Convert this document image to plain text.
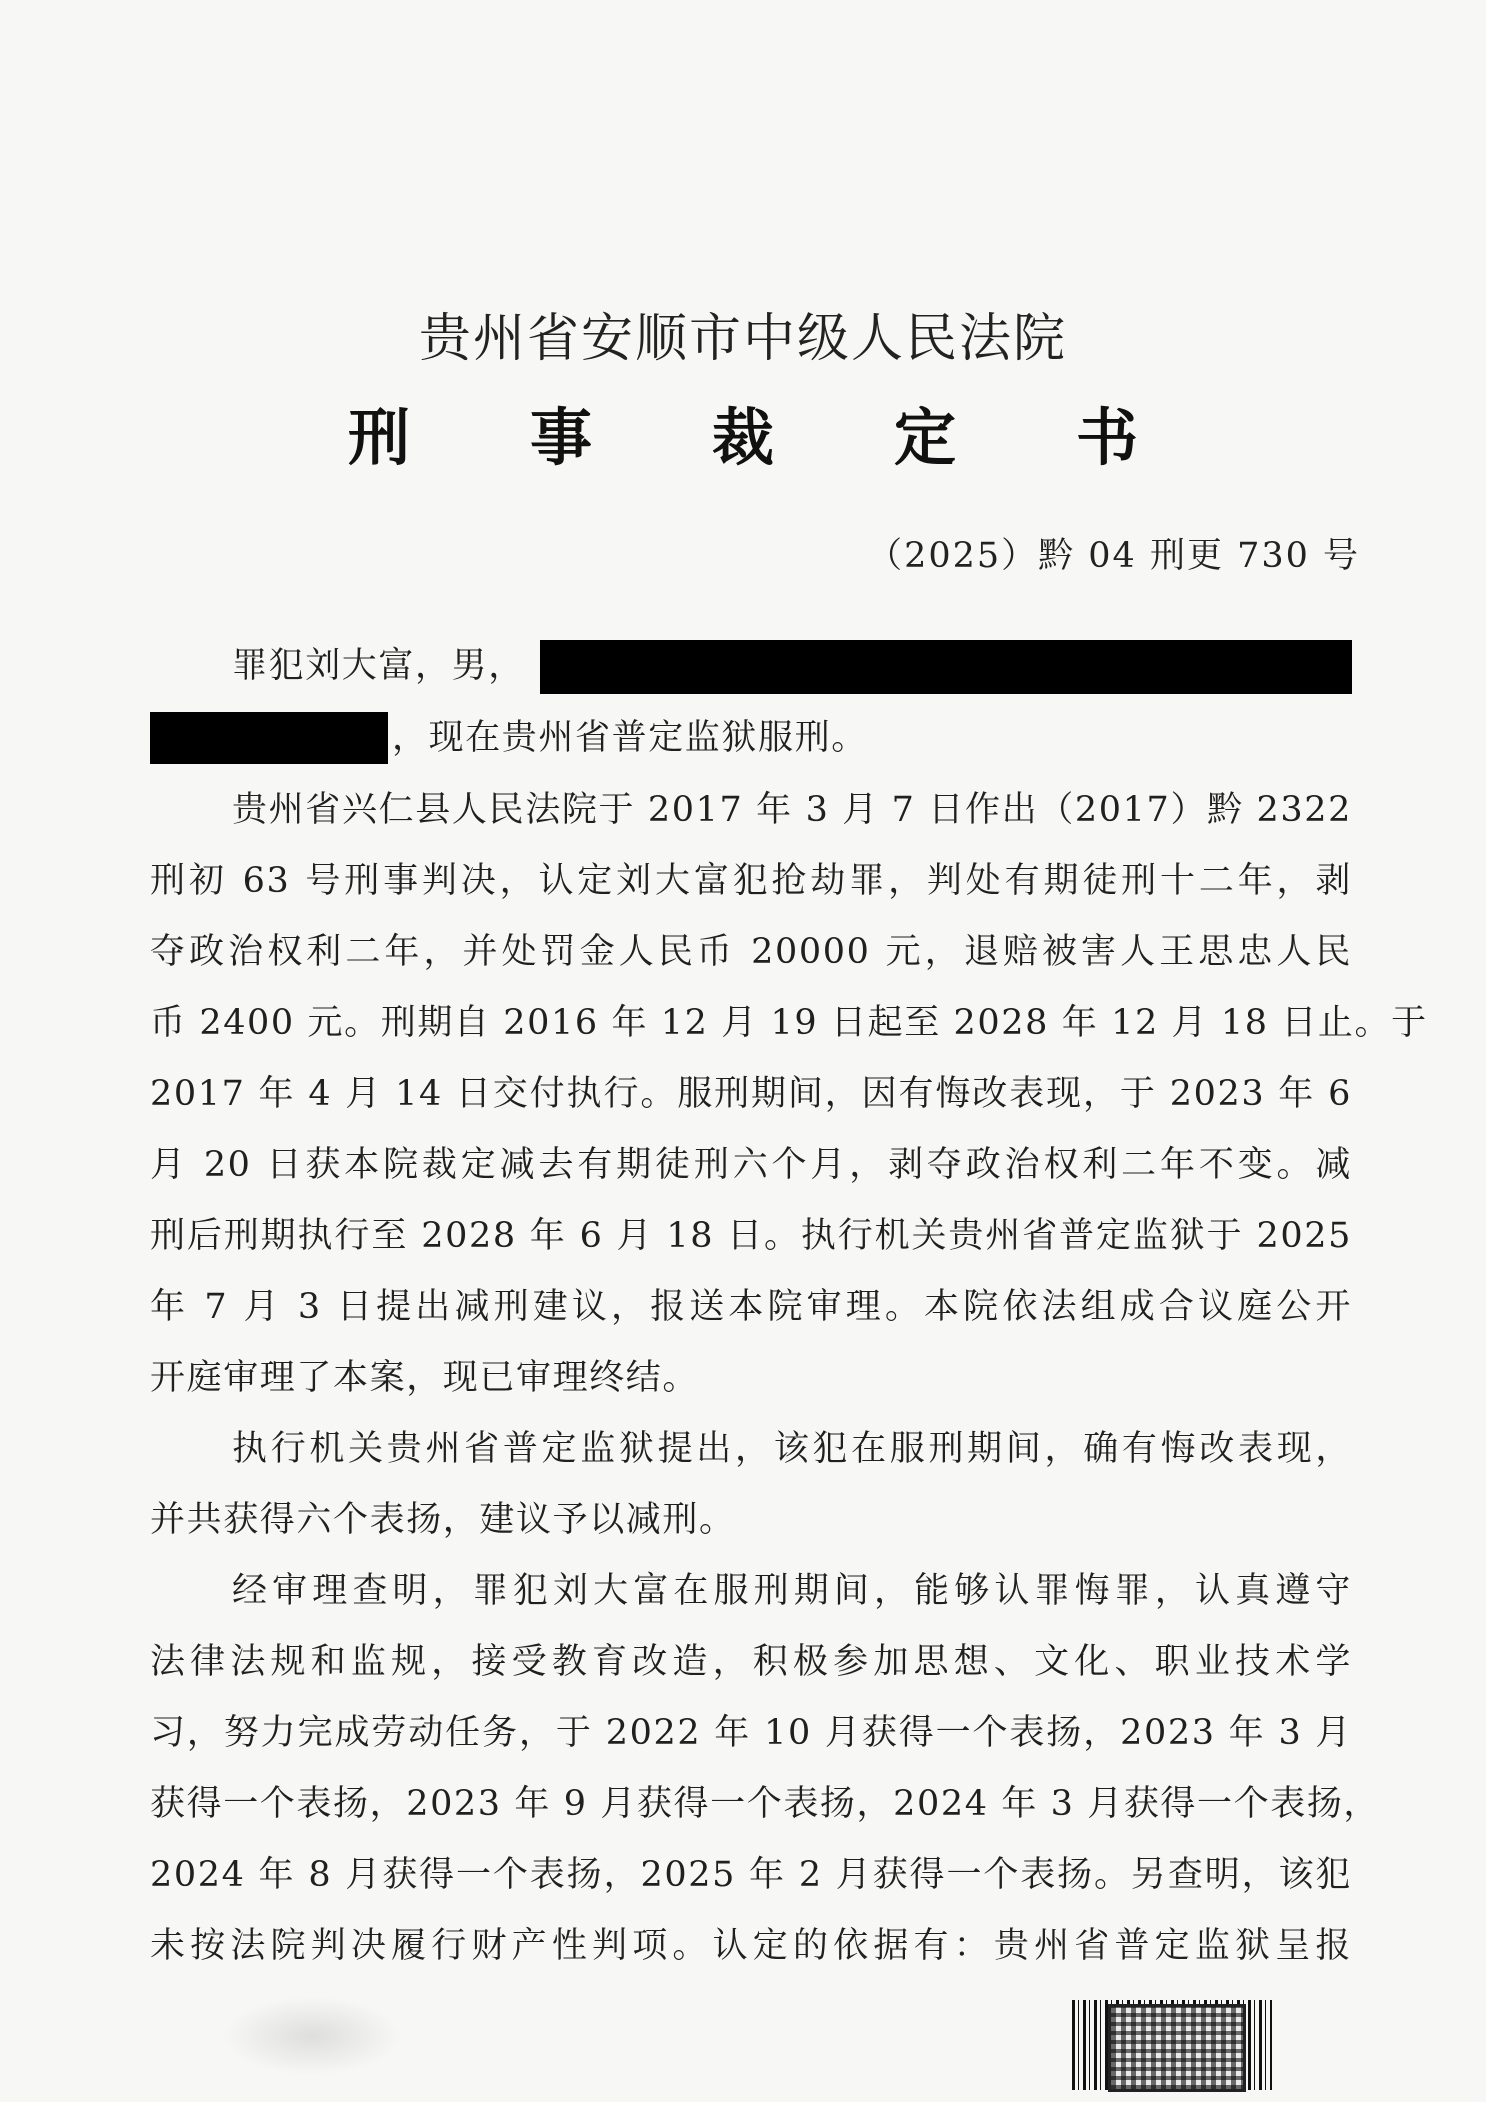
贵州省安顺市中级人民法院
刑事裁定书
（2025）黔 04 刑更 730 号
罪犯刘大富，男，
，现在贵州省普定监狱服刑。
贵州省兴仁县人民法院于 2017 年 3 月 7 日作出（2017）黔 2322
刑初 63 号刑事判决，认定刘大富犯抢劫罪，判处有期徒刑十二年，剥
夺政治权利二年，并处罚金人民币 20000 元，退赔被害人王思忠人民
币 2400 元。刑期自 2016 年 12 月 19 日起至 2028 年 12 月 18 日止。于
2017 年 4 月 14 日交付执行。服刑期间，因有悔改表现，于 2023 年 6
月 20 日获本院裁定减去有期徒刑六个月，剥夺政治权利二年不变。减
刑后刑期执行至 2028 年 6 月 18 日。执行机关贵州省普定监狱于 2025
年 7 月 3 日提出减刑建议，报送本院审理。本院依法组成合议庭公开
开庭审理了本案，现已审理终结。
执行机关贵州省普定监狱提出，该犯在服刑期间，确有悔改表现，
并共获得六个表扬，建议予以减刑。
经审理查明，罪犯刘大富在服刑期间，能够认罪悔罪，认真遵守
法律法规和监规，接受教育改造，积极参加思想、文化、职业技术学
习，努力完成劳动任务，于 2022 年 10 月获得一个表扬，2023 年 3 月
获得一个表扬，2023 年 9 月获得一个表扬，2024 年 3 月获得一个表扬，
2024 年 8 月获得一个表扬，2025 年 2 月获得一个表扬。另查明，该犯
未按法院判决履行财产性判项。认定的依据有：贵州省普定监狱呈报
